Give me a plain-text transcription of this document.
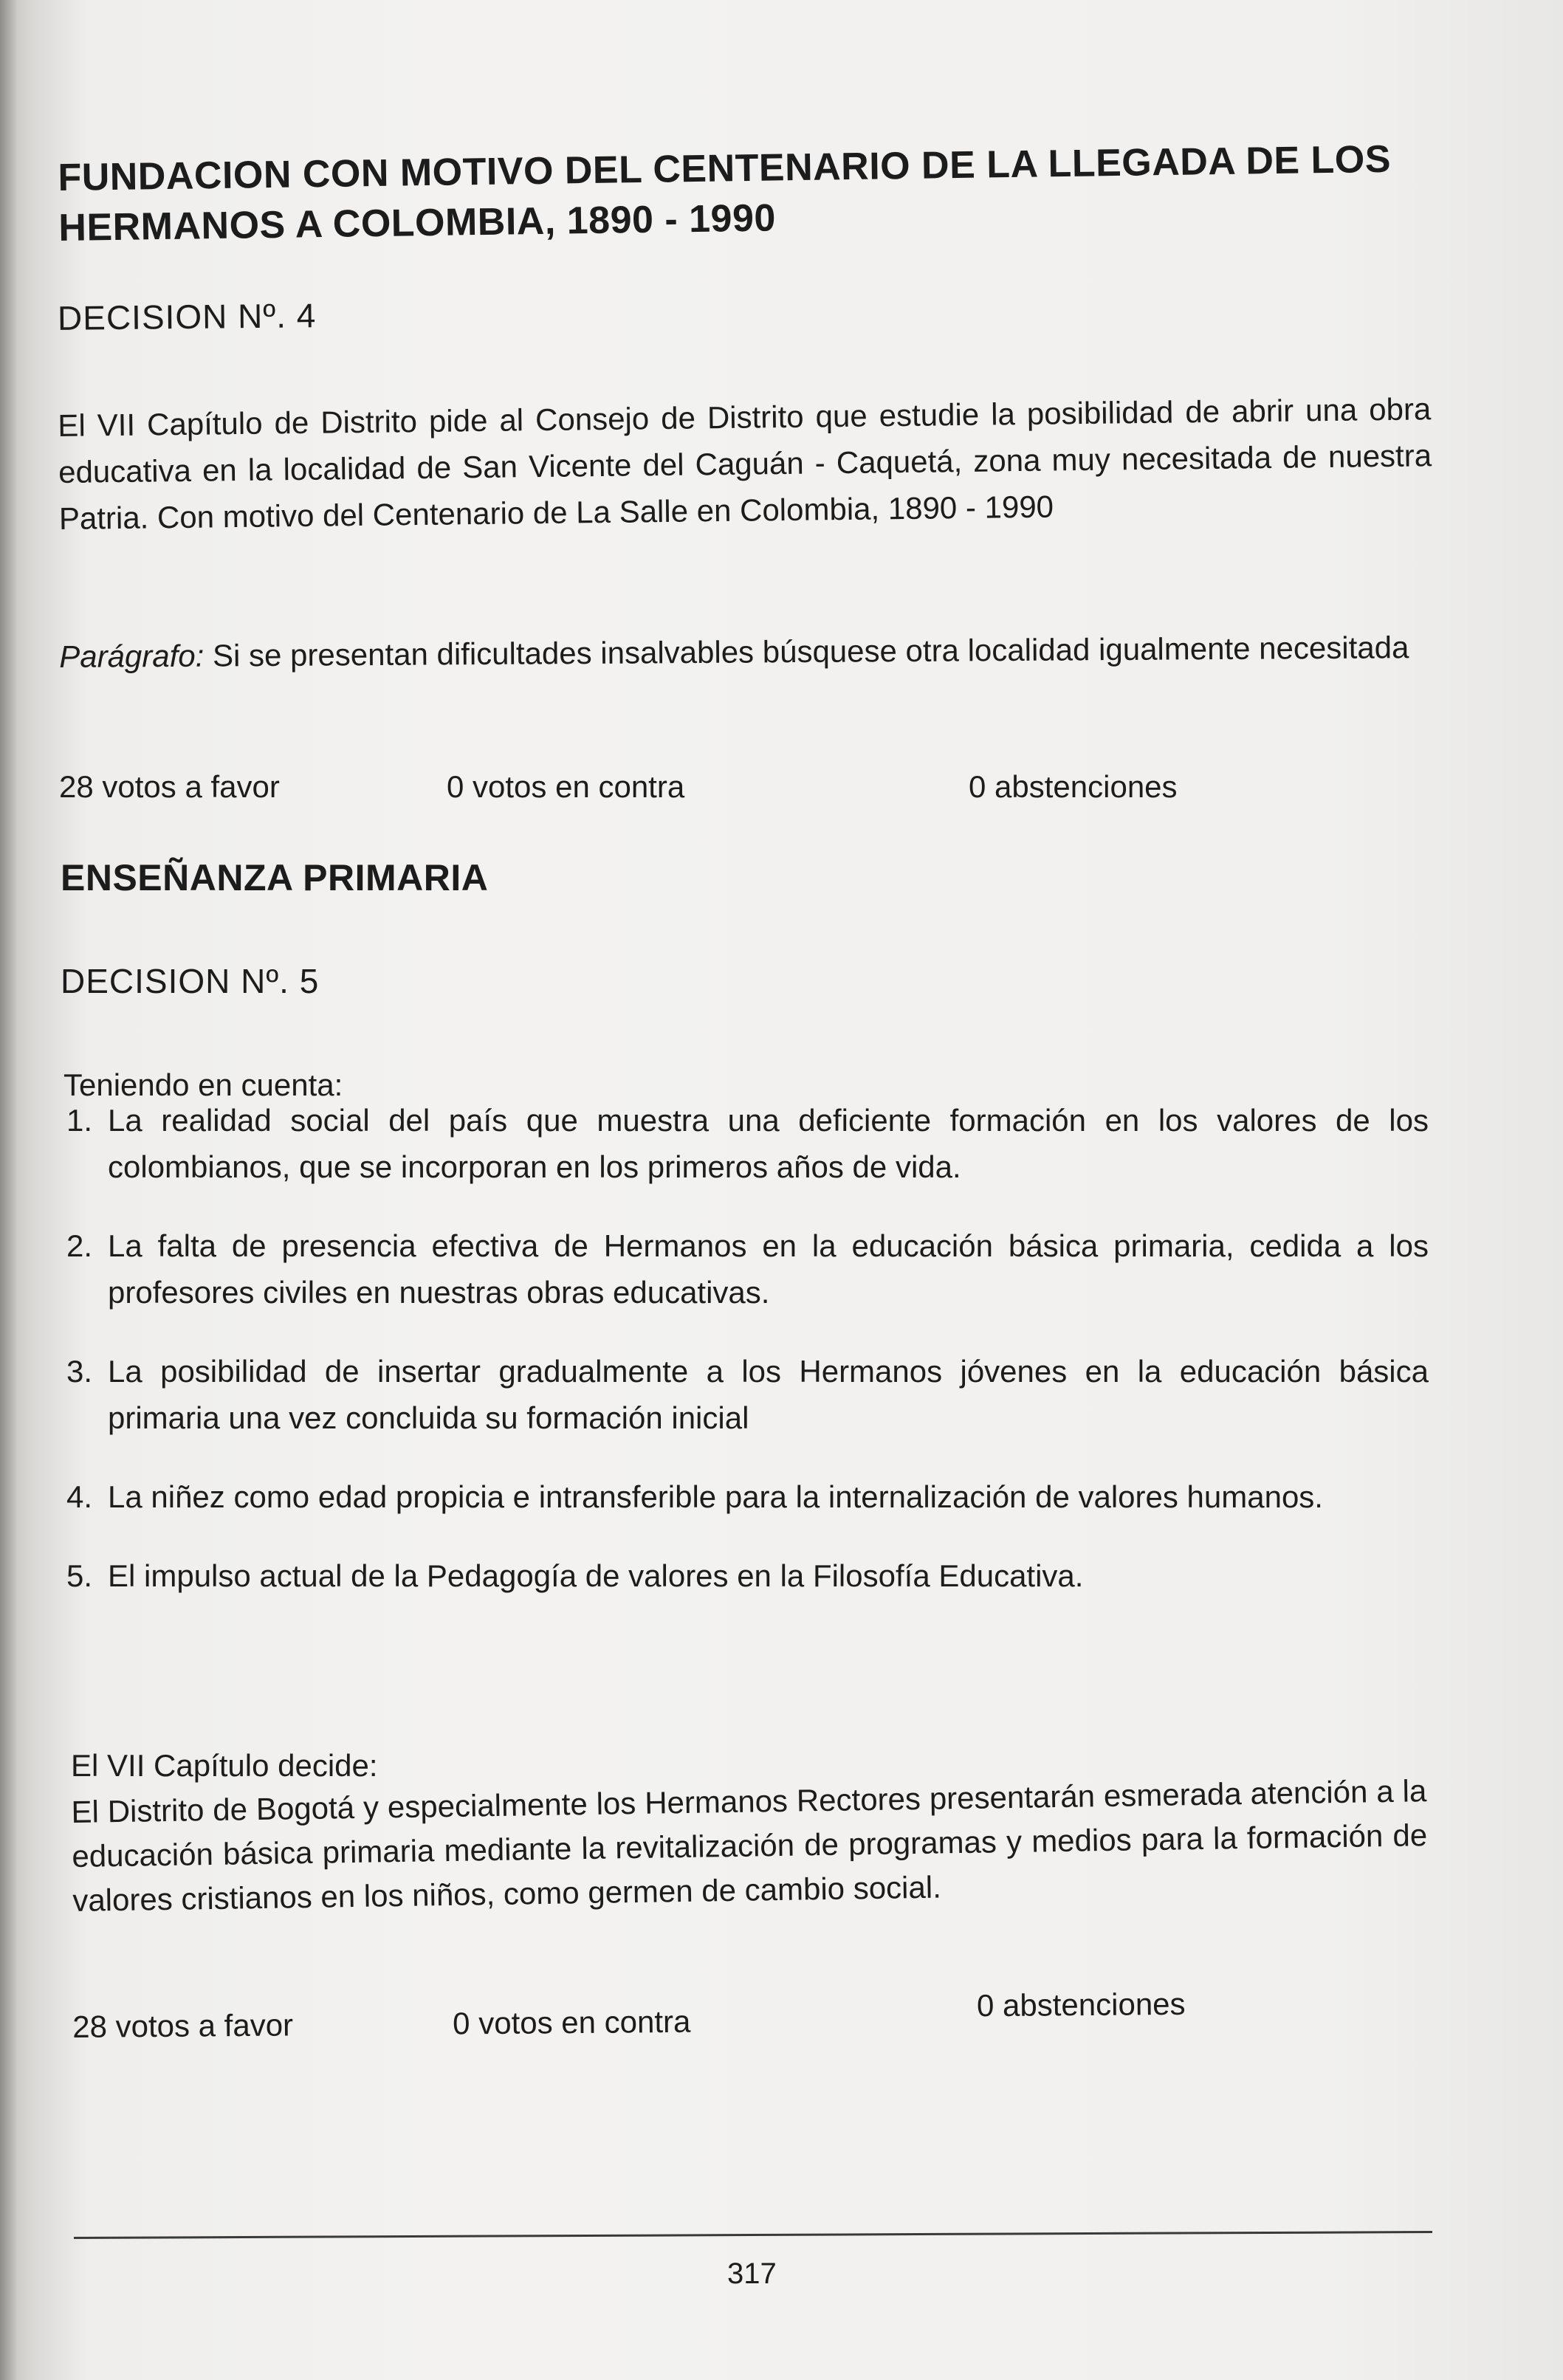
FUNDACION CON MOTIVO DEL CENTENARIO DE LA LLEGADA DE LOS
HERMANOS A COLOMBIA, 1890 - 1990
DECISION Nº. 4
El VII Capítulo de Distrito pide al Consejo de Distrito que estudie la posibilidad de abrir una obra educativa en la localidad de San Vicente del Caguán - Caquetá, zona muy necesitada de nuestra Patria. Con motivo del Centenario de La Salle en Colombia, 1890 - 1990
Parágrafo: Si se presentan dificultades insalvables búsquese otra localidad igualmente necesitada
28 votos a favor	0 votos en contra	0 abstenciones
ENSEÑANZA PRIMARIA
DECISION Nº. 5
Teniendo en cuenta:
1. La realidad social del país que muestra una deficiente formación en los valores de los colombianos, que se incorporan en los primeros años de vida.
2. La falta de presencia efectiva de Hermanos en la educación básica primaria, cedida a los profesores civiles en nuestras obras educativas.
3. La posibilidad de insertar gradualmente a los Hermanos jóvenes en la educación básica primaria una vez concluida su formación inicial
4. La niñez como edad propicia e intransferible para la internalización de valores humanos.
5. El impulso actual de la Pedagogía de valores en la Filosofía Educativa.
El VII Capítulo decide:
El Distrito de Bogotá y especialmente los Hermanos Rectores presentarán esmerada atención a la educación básica primaria mediante la revitalización de programas y medios para la formación de valores cristianos en los niños, como germen de cambio social.
28 votos a favor	0 votos en contra	0 abstenciones
317
